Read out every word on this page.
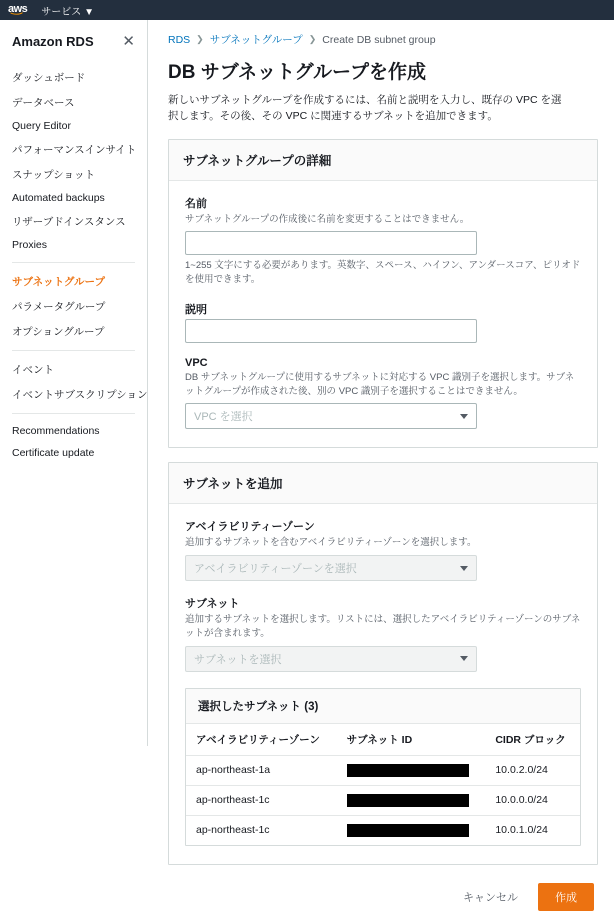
aws サービス ▼
Amazon RDS ✕
ダッシュボード
データベース
Query Editor
パフォーマンスインサイト
スナップショット
Automated backups
リザーブドインスタンス
Proxies
サブネットグループ
パラメータグループ
オプショングループ
イベント
イベントサブスクリプション
Recommendations
Certificate update
RDS ❯ サブネットグループ ❯ Create DB subnet group
DB サブネットグループを作成

新しいサブネットグループを作成するには、名前と説明を入力し、既存の VPC を選択します。その後、その VPC に関連するサブネットを追加できます。

サブネットグループの詳細
名前
サブネットグループの作成後に名前を変更することはできません。
1~255 文字にする必要があります。英数字、スペース、ハイフン、アンダースコア、ピリオドを使用できます。
説明
VPC
DB サブネットグループに使用するサブネットに対応する VPC 識別子を選択します。サブネットグループが作成された後、別の VPC 識別子を選択することはできません。
VPC を選択
サブネットを追加
アベイラビリティーゾーン
追加するサブネットを含むアベイラビリティーゾーンを選択します。
アベイラビリティーゾーンを選択
サブネット
追加するサブネットを選択します。リストには、選択したアベイラビリティーゾーンのサブネットが含まれます。
サブネットを選択
選択したサブネット (3)
アベイラビリティーゾーン	サブネット ID	CIDR ブロック
ap-northeast-1a		10.0.2.0/24
ap-northeast-1c		10.0.0.0/24
ap-northeast-1c		10.0.1.0/24
キャンセル	作成
